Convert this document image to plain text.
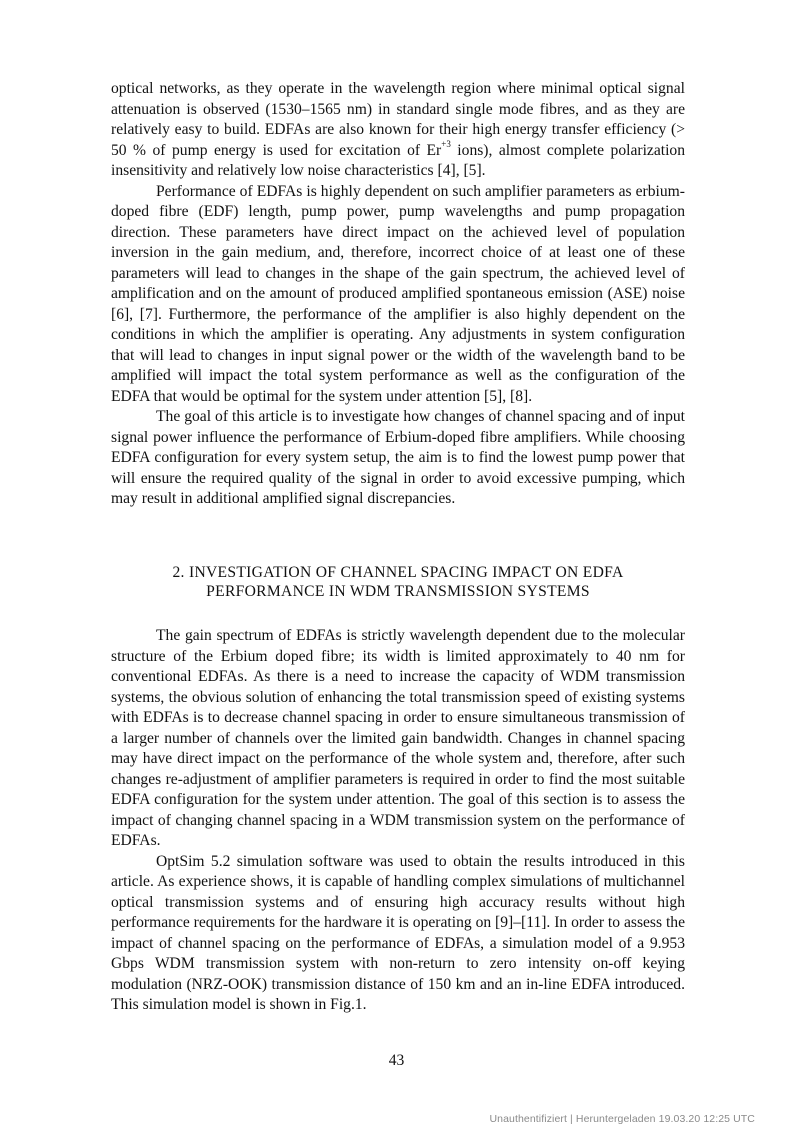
optical networks, as they operate in the wavelength region where minimal optical signal attenuation is observed (1530–1565 nm) in standard single mode fibres, and as they are relatively easy to build. EDFAs are also known for their high energy transfer efficiency (> 50 % of pump energy is used for excitation of $Er^{+3}$ ions), almost complete polarization insensitivity and relatively low noise characteristics [4], [5].

Performance of EDFAs is highly dependent on such amplifier parameters as erbium-doped fibre (EDF) length, pump power, pump wavelengths and pump propagation direction. These parameters have direct impact on the achieved level of population inversion in the gain medium, and, therefore, incorrect choice of at least one of these parameters will lead to changes in the shape of the gain spectrum, the achieved level of amplification and on the amount of produced amplified spontaneous emission (ASE) noise [6], [7]. Furthermore, the performance of the amplifier is also highly dependent on the conditions in which the amplifier is operating. Any adjustments in system configuration that will lead to changes in input signal power or the width of the wavelength band to be amplified will impact the total system performance as well as the configuration of the EDFA that would be optimal for the system under attention [5], [8].

The goal of this article is to investigate how changes of channel spacing and of input signal power influence the performance of Erbium-doped fibre amplifiers. While choosing EDFA configuration for every system setup, the aim is to find the lowest pump power that will ensure the required quality of the signal in order to avoid excessive pumping, which may result in additional amplified signal discrepancies.

2. INVESTIGATION OF CHANNEL SPACING IMPACT ON EDFA
PERFORMANCE IN WDM TRANSMISSION SYSTEMS

The gain spectrum of EDFAs is strictly wavelength dependent due to the molecular structure of the Erbium doped fibre; its width is limited approximately to 40 nm for conventional EDFAs. As there is a need to increase the capacity of WDM transmission systems, the obvious solution of enhancing the total transmission speed of existing systems with EDFAs is to decrease channel spacing in order to ensure simultaneous transmission of a larger number of channels over the limited gain bandwidth. Changes in channel spacing may have direct impact on the performance of the whole system and, therefore, after such changes re-adjustment of amplifier parameters is required in order to find the most suitable EDFA configuration for the system under attention. The goal of this section is to assess the impact of changing channel spacing in a WDM transmission system on the performance of EDFAs.

OptSim 5.2 simulation software was used to obtain the results introduced in this article. As experience shows, it is capable of handling complex simulations of multichannel optical transmission systems and of ensuring high accuracy results without high performance requirements for the hardware it is operating on [9]–[11]. In order to assess the impact of channel spacing on the performance of EDFAs, a simulation model of a 9.953 Gbps WDM transmission system with non-return to zero intensity on-off keying modulation (NRZ-OOK) transmission distance of 150 km and an in-line EDFA introduced. This simulation model is shown in Fig.1.

43
Unauthentifiziert | Heruntergeladen 19.03.20 12:25 UTC
